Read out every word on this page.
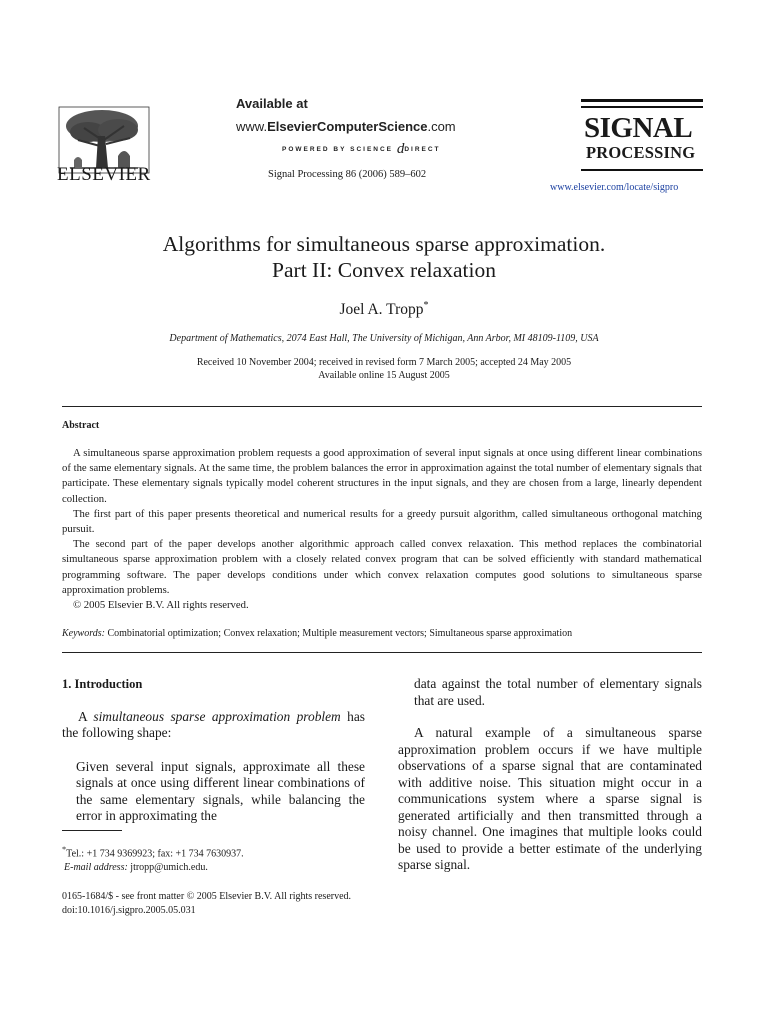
ELSEVIER
Available at
www.ElsevierComputerScience.com
POWERED BY SCIENCE dDIRECT
Signal Processing 86 (2006) 589–602
SIGNAL
PROCESSING
www.elsevier.com/locate/sigpro
Algorithms for simultaneous sparse approximation.
Part II: Convex relaxation
Joel A. Tropp*
Department of Mathematics, 2074 East Hall, The University of Michigan, Ann Arbor, MI 48109-1109, USA
Received 10 November 2004; received in revised form 7 March 2005; accepted 24 May 2005
Available online 15 August 2005
Abstract

A simultaneous sparse approximation problem requests a good approximation of several input signals at once using different linear combinations of the same elementary signals. At the same time, the problem balances the error in approximation against the total number of elementary signals that participate. These elementary signals typically model coherent structures in the input signals, and they are chosen from a large, linearly dependent collection.

The first part of this paper presents theoretical and numerical results for a greedy pursuit algorithm, called simultaneous orthogonal matching pursuit.

The second part of the paper develops another algorithmic approach called convex relaxation. This method replaces the combinatorial simultaneous sparse approximation problem with a closely related convex program that can be solved efficiently with standard mathematical programming software. The paper develops conditions under which convex relaxation computes good solutions to simultaneous sparse approximation problems.

© 2005 Elsevier B.V. All rights reserved.

Keywords: Combinatorial optimization; Convex relaxation; Multiple measurement vectors; Simultaneous sparse approximation
1. Introduction

A simultaneous sparse approximation problem has the following shape:

Given several input signals, approximate all these signals at once using different linear combinations of the same elementary signals, while balancing the error in approximating the

*Tel.: +1 734 9369923; fax: +1 734 7630937.
E-mail address: jtropp@umich.edu.

data against the total number of elementary signals that are used.

A natural example of a simultaneous sparse approximation problem occurs if we have multiple observations of a sparse signal that are contaminated with additive noise. This situation might occur in a communications system where a sparse signal is generated artificially and then transmitted through a noisy channel. One imagines that multiple looks could be used to provide a better estimate of the underlying sparse signal.

0165-1684/$ - see front matter © 2005 Elsevier B.V. All rights reserved.
doi:10.1016/j.sigpro.2005.05.031
